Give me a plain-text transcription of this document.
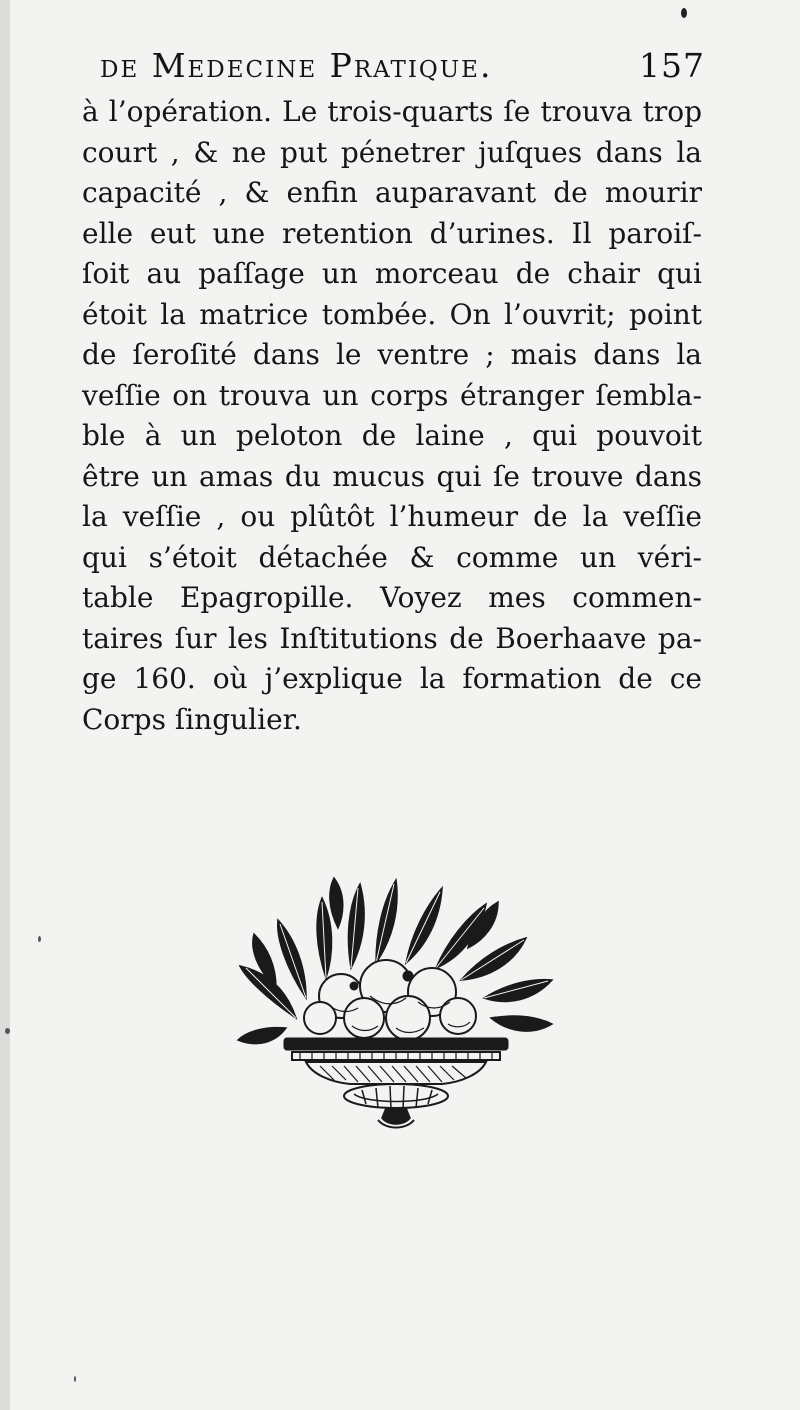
de Medecine Pratique.	157
à l’opération. Le trois-quarts ſe trouva trop
court , & ne put pénetrer juſques dans la
capacité , & enfin auparavant de mourir
elle eut une retention d’urines. Il paroiſ-
ſoit au paſſage un morceau de chair qui
étoit la matrice tombée. On l’ouvrit; point
de ſeroſité dans le ventre ; mais dans la
veſſie on trouva un corps étranger ſembla-
ble à un peloton de laine , qui pouvoit
être un amas du mucus qui ſe trouve dans
la veſſie , ou plûtôt l’humeur de la veſſie
qui s’étoit détachée & comme un véri-
table Epagropille. Voyez mes commen-
taires ſur les Inſtitutions de Boerhaave pa-
ge 160. où j’explique la formation de ce
Corps ſingulier.
